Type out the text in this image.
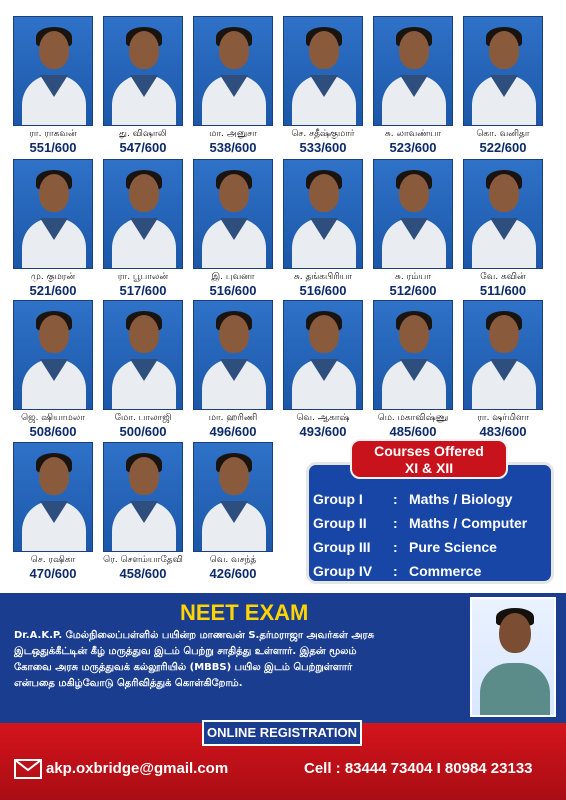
ரா. ராகவன்
551/600
து. விஷாலி
547/600
மா. அனுசா
538/600
செ. சதீஷ்குமார்
533/600
சு. லாவண்யா
523/600
கொ. வனிதா
522/600
மு. குமரன்
521/600
ரா. பூபாலன்
517/600
இ. புவனா
516/600
சு. தங்கபிரியா
516/600
சு. ரம்யா
512/600
வே. கவின்
511/600
ஜெ. ஷியாமலா
508/600
மோ. பாலாஜி
500/600
மா. ஹரிணி
496/600
வெ. ஆகாஷ்
493/600
மெ. மகாவிஷ்ணு
485/600
ரா. ஷர்மிளா
483/600
செ. ரஷிகா
470/600
ரெ. சௌம்யாதேவி
458/600
வெ. வசந்த்
426/600
Courses Offered
XI & XII
Group I : Maths / Biology
Group II : Maths / Computer
Group III : Pure Science
Group IV : Commerce
NEET EXAM
Dr.A.K.P. மேல்நிலைப்பள்ளில் பயின்ற மாணவன் S.தர்மராஜா அவர்கள் அரசு
இடஒதுக்கீட்டின் கீழ் மருத்துவ இடம் பெற்று சாதித்து உள்ளார். இதன் மூலம்
கோவை அரசு மருத்துவக் கல்லூரியில் (MBBS) பயில இடம் பெற்றுள்ளார்
என்பதை மகிழ்வோடு தெரிவித்துக் கொள்கிறோம்.
ONLINE REGISTRATION
akp.oxbridge@gmail.com	Cell : 83444 73404 I 80984 23133
